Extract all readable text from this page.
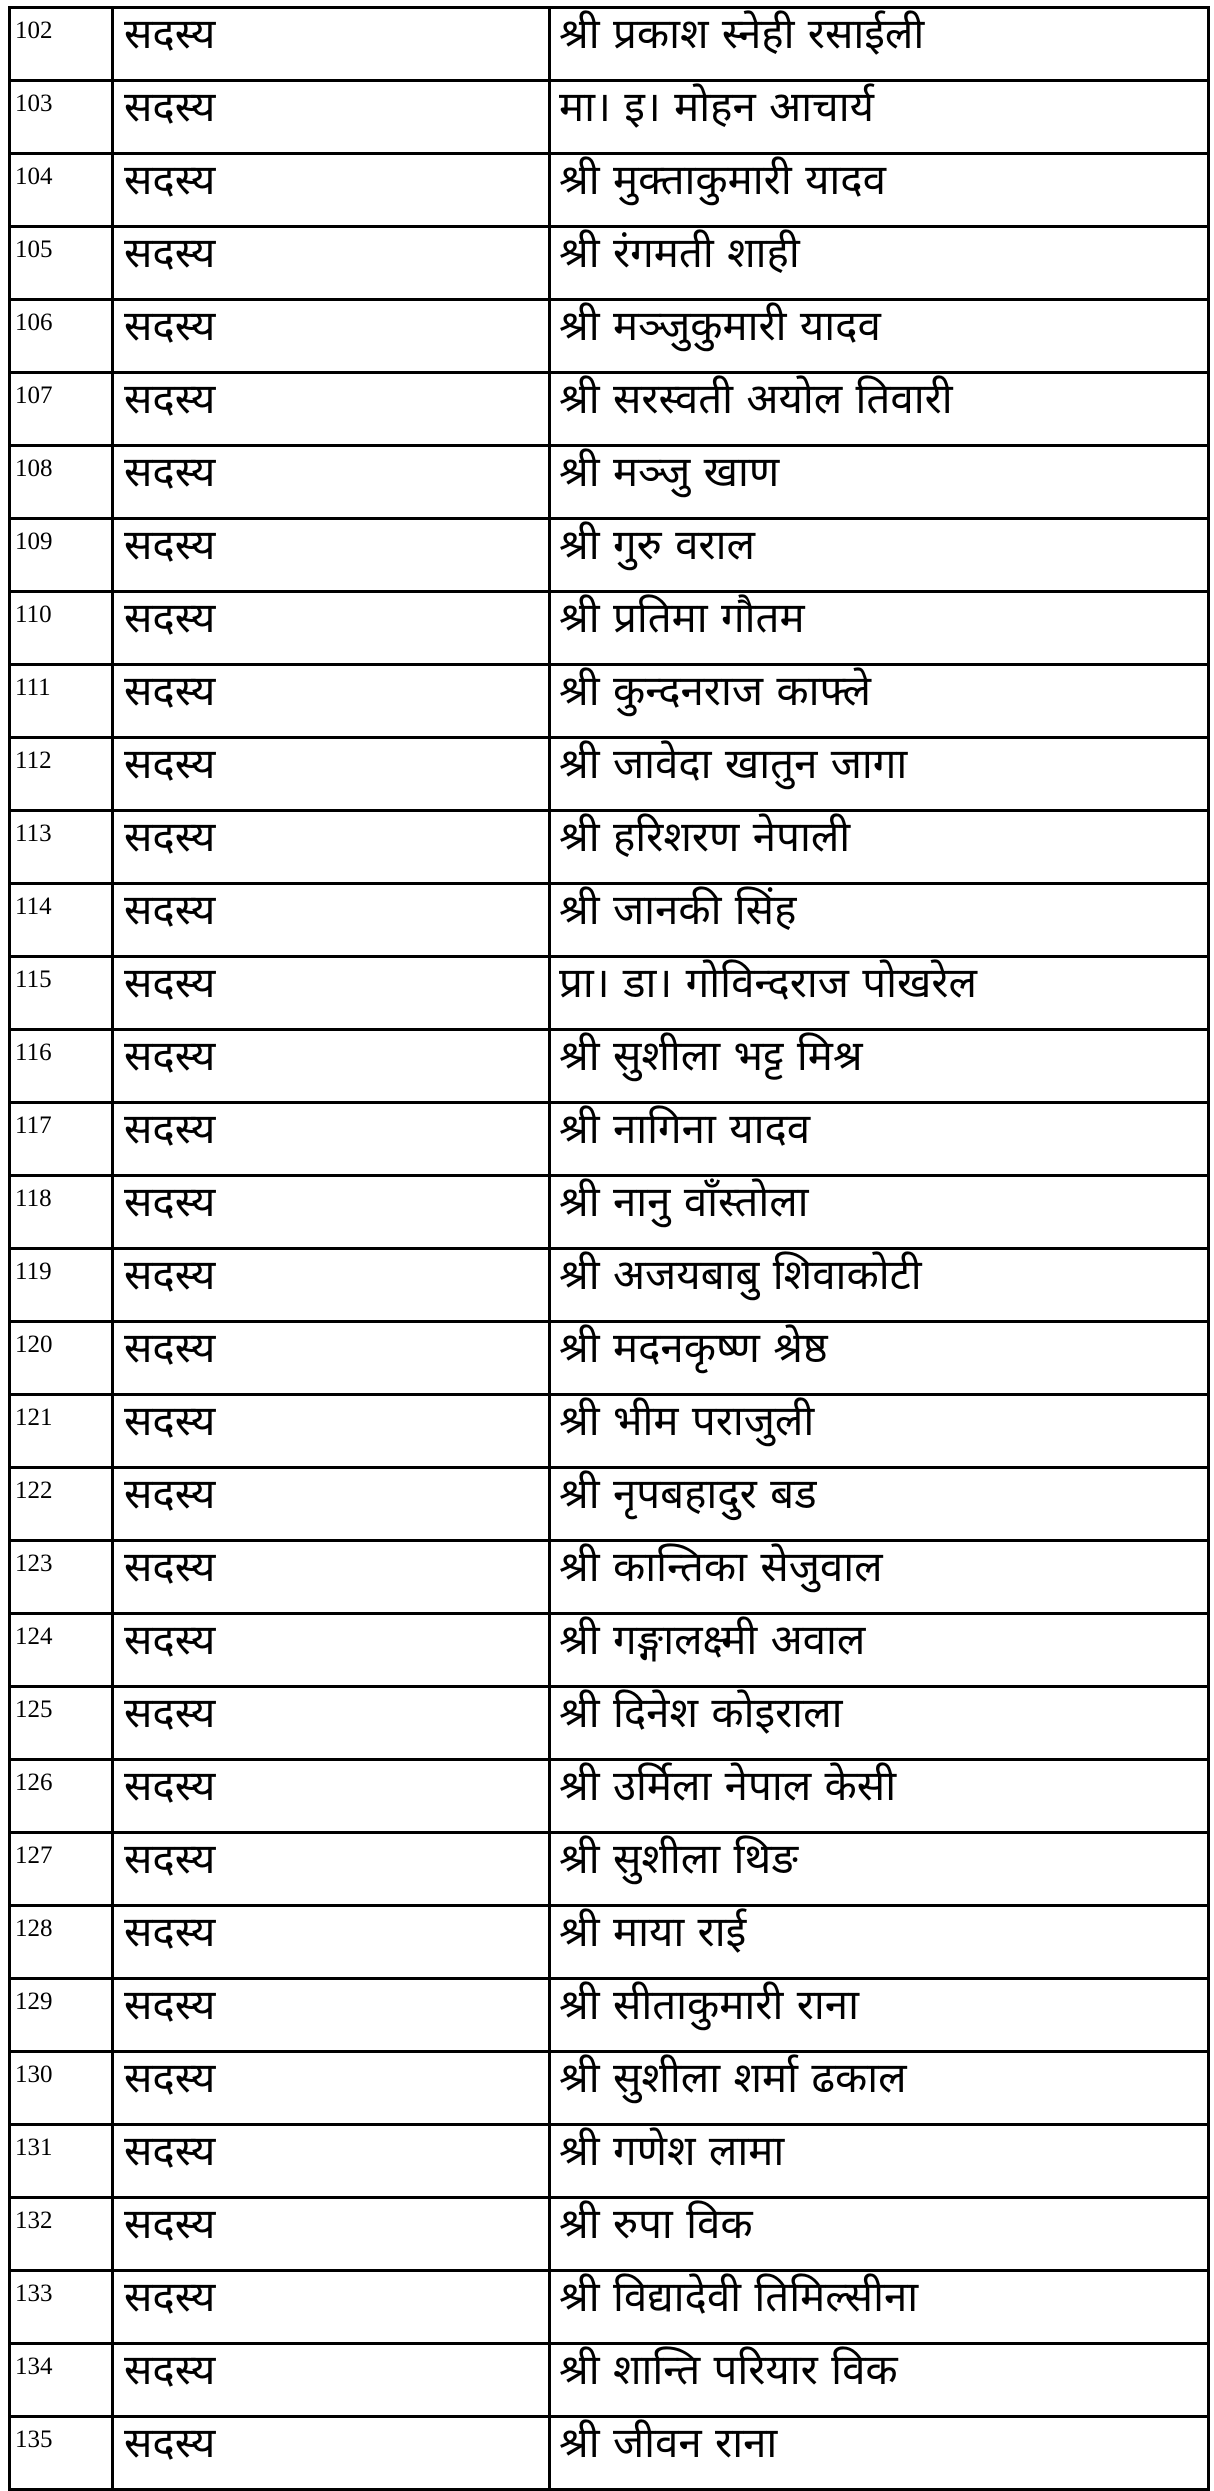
102	सदस्य	श्री प्रकाश स्नेही रसाईली
103	सदस्य	मा। इ। मोहन आचार्य
104	सदस्य	श्री मुक्ताकुमारी यादव
105	सदस्य	श्री रंगमती शाही
106	सदस्य	श्री मञ्जुकुमारी यादव
107	सदस्य	श्री सरस्वती अयोल तिवारी
108	सदस्य	श्री मञ्जु खाण
109	सदस्य	श्री गुरु वराल
110	सदस्य	श्री प्रतिमा गौतम
111	सदस्य	श्री कुन्दनराज काफ्ले
112	सदस्य	श्री जावेदा खातुन जागा
113	सदस्य	श्री हरिशरण नेपाली
114	सदस्य	श्री जानकी सिंह
115	सदस्य	प्रा। डा। गोविन्दराज पोखरेल
116	सदस्य	श्री सुशीला भट्ट मिश्र
117	सदस्य	श्री नागिना यादव
118	सदस्य	श्री नानु वाँस्तोला
119	सदस्य	श्री अजयबाबु शिवाकोटी
120	सदस्य	श्री मदनकृष्ण श्रेष्ठ
121	सदस्य	श्री भीम पराजुली
122	सदस्य	श्री नृपबहादुर बड
123	सदस्य	श्री कान्तिका सेजुवाल
124	सदस्य	श्री गङ्गालक्ष्मी अवाल
125	सदस्य	श्री दिनेश कोइराला
126	सदस्य	श्री उर्मिला नेपाल केसी
127	सदस्य	श्री सुशीला थिङ
128	सदस्य	श्री माया राई
129	सदस्य	श्री सीताकुमारी राना
130	सदस्य	श्री सुशीला शर्मा ढकाल
131	सदस्य	श्री गणेश लामा
132	सदस्य	श्री रुपा विक
133	सदस्य	श्री विद्यादेवी तिमिल्सीना
134	सदस्य	श्री शान्ति परियार विक
135	सदस्य	श्री जीवन राना
